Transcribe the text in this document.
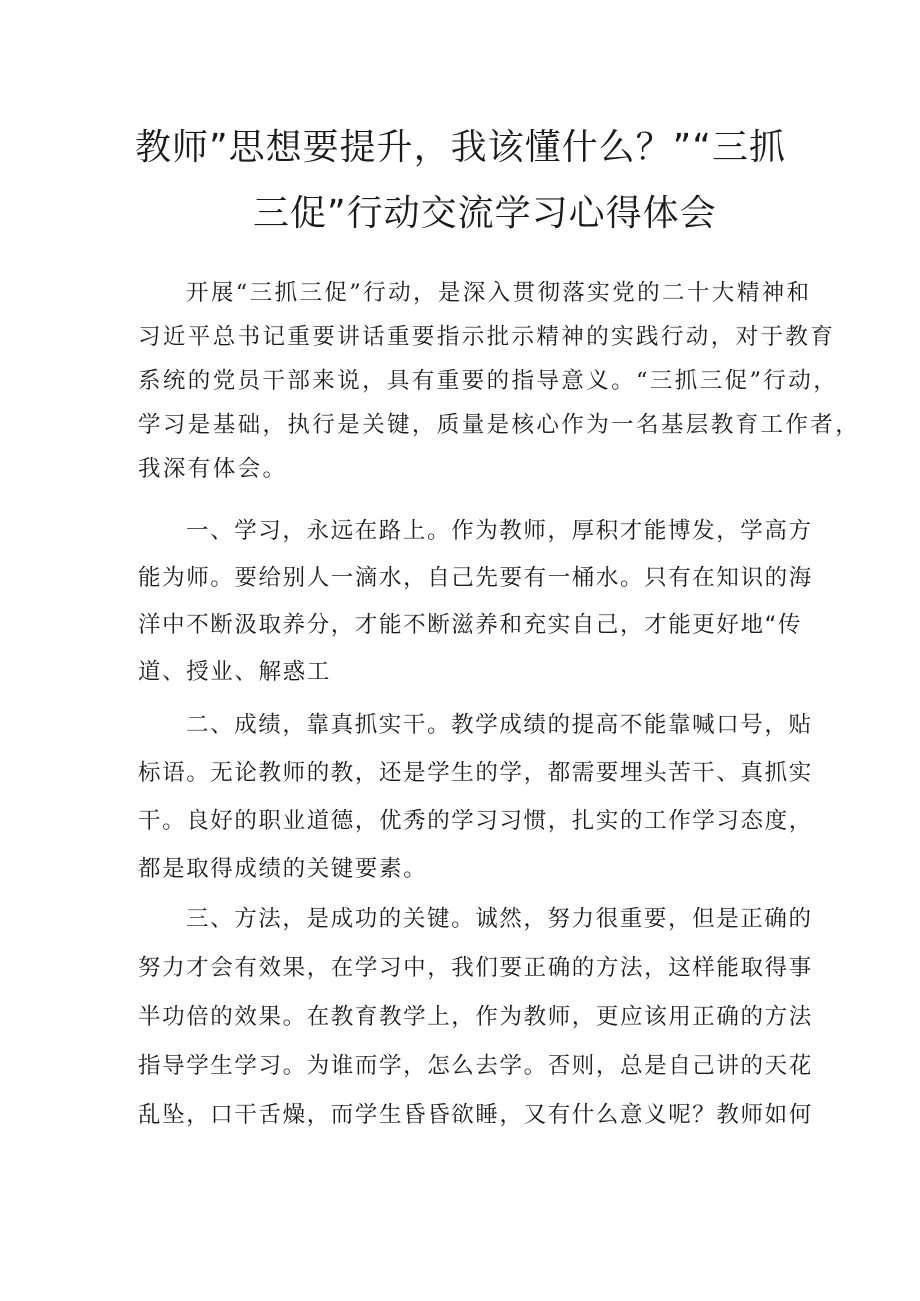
教师”思想要提升，我该懂什么？”“三抓
三促”行动交流学习心得体会
开展“三抓三促”行动，是深入贯彻落实党的二十大精神和
习近平总书记重要讲话重要指示批示精神的实践行动，对于教育
系统的党员干部来说，具有重要的指导意义。“三抓三促”行动，
学习是基础，执行是关键，质量是核心作为一名基层教育工作者，
我深有体会。
一、学习，永远在路上。作为教师，厚积才能博发，学高方
能为师。要给别人一滴水，自己先要有一桶水。只有在知识的海
洋中不断汲取养分，才能不断滋养和充实自己，才能更好地“传
道、授业、解惑工
二、成绩，靠真抓实干。教学成绩的提高不能靠喊口号，贴
标语。无论教师的教，还是学生的学，都需要埋头苦干、真抓实
干。良好的职业道德，优秀的学习习惯，扎实的工作学习态度，
都是取得成绩的关键要素。
三、方法，是成功的关键。诚然，努力很重要，但是正确的
努力才会有效果，在学习中，我们要正确的方法，这样能取得事
半功倍的效果。在教育教学上，作为教师，更应该用正确的方法
指导学生学习。为谁而学，怎么去学。否则，总是自己讲的天花
乱坠，口干舌燥，而学生昏昏欲睡，又有什么意义呢？教师如何
